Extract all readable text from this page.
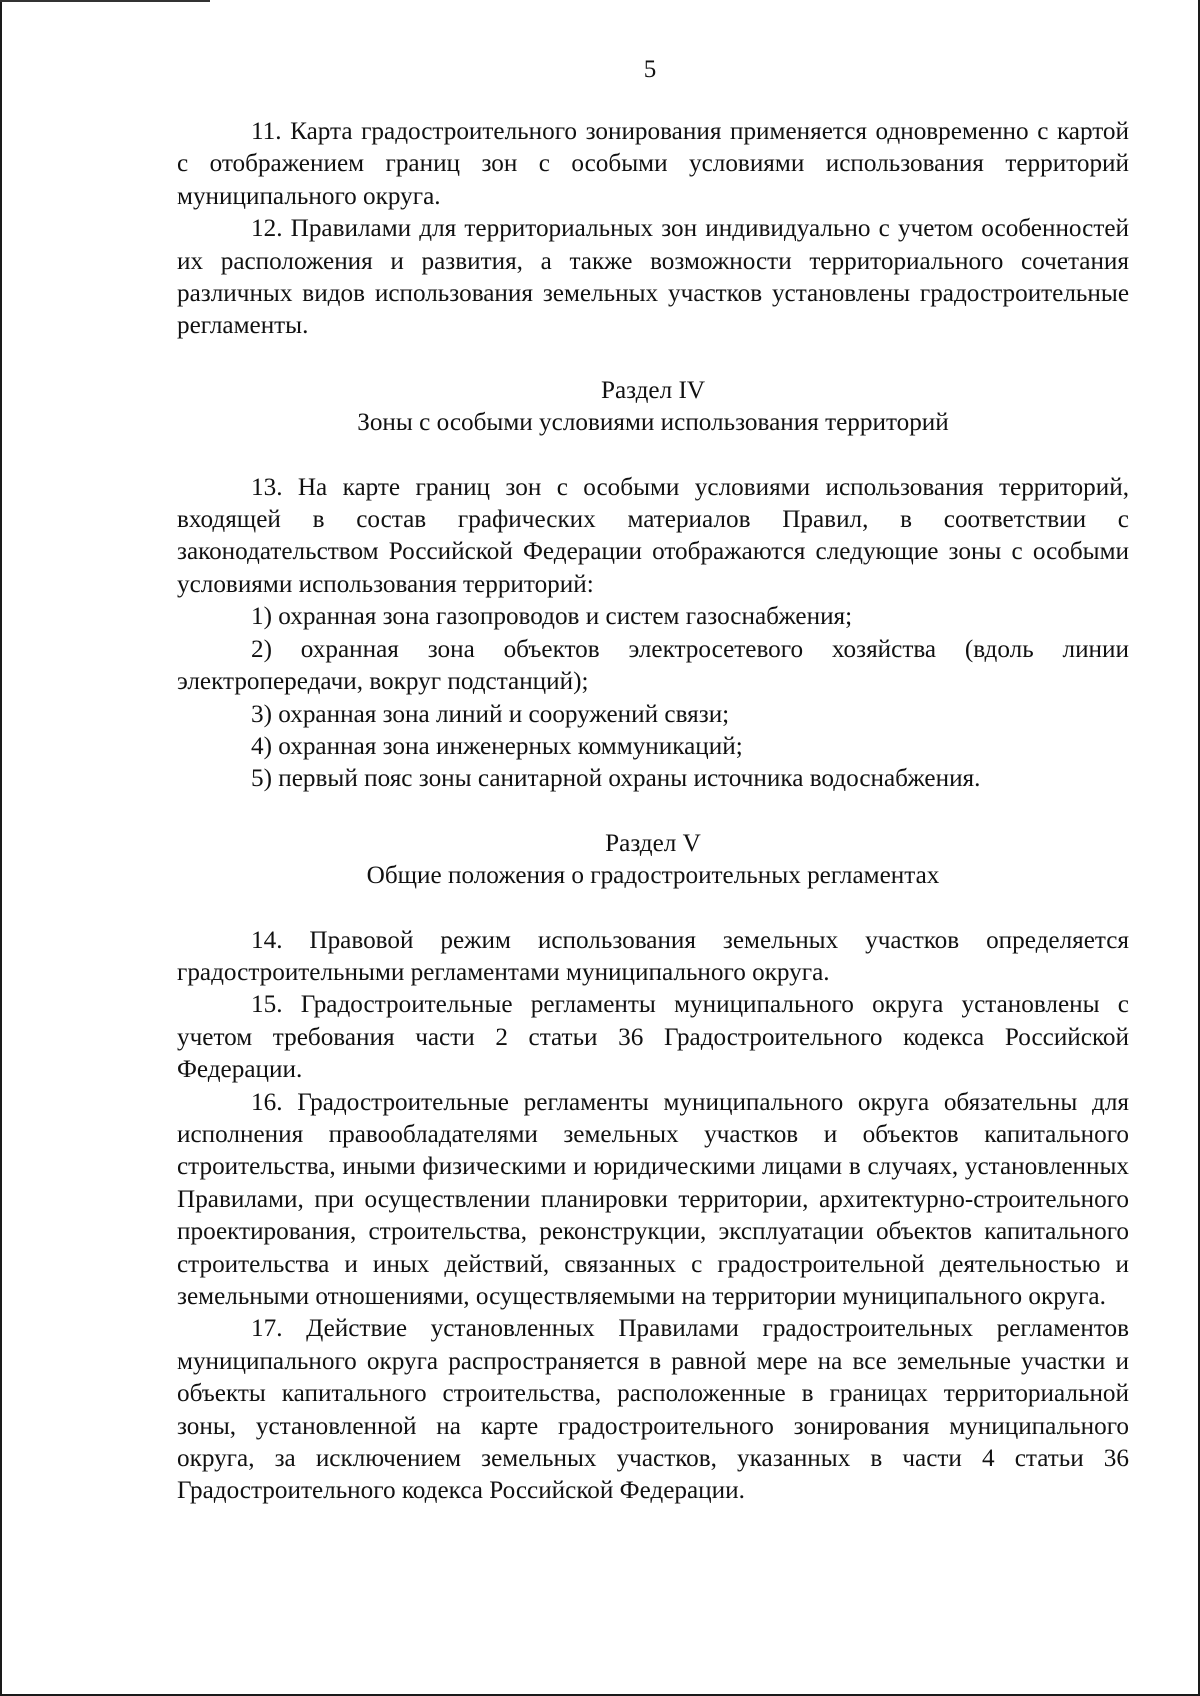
5

11. Карта градостроительного зонирования применяется одновременно с картой с отображением границ зон с особыми условиями использования территорий муниципального округа.

12. Правилами для территориальных зон индивидуально с учетом особенностей их расположения и развития, а также возможности территориального сочетания различных видов использования земельных участков установлены градостроительные регламенты.

Раздел IV

Зоны с особыми условиями использования территорий

13. На карте границ зон с особыми условиями использования территорий, входящей в состав графических материалов Правил, в соответствии с законодательством Российской Федерации отображаются следующие зоны с особыми условиями использования территорий:

1) охранная зона газопроводов и систем газоснабжения;

2) охранная зона объектов электросетевого хозяйства (вдоль линии электропередачи, вокруг подстанций);

3) охранная зона линий и сооружений связи;

4) охранная зона инженерных коммуникаций;

5) первый пояс зоны санитарной охраны источника водоснабжения.

Раздел V

Общие положения о градостроительных регламентах

14. Правовой режим использования земельных участков определяется градостроительными регламентами муниципального округа.

15. Градостроительные регламенты муниципального округа установлены с учетом требования части 2 статьи 36 Градостроительного кодекса Российской Федерации.

16. Градостроительные регламенты муниципального округа обязательны для исполнения правообладателями земельных участков и объектов капитального строительства, иными физическими и юридическими лицами в случаях, установленных Правилами, при осуществлении планировки территории, архитектурно-строительного проектирования, строительства, реконструкции, эксплуатации объектов капитального строительства и иных действий, связанных с градостроительной деятельностью и земельными отношениями, осуществляемыми на территории муниципального округа.

17. Действие установленных Правилами градостроительных регламентов муниципального округа распространяется в равной мере на все земельные участки и объекты капитального строительства, расположенные в границах территориальной зоны, установленной на карте градостроительного зонирования муниципального округа, за исключением земельных участков, указанных в части 4 статьи 36 Градостроительного кодекса Российской Федерации.
